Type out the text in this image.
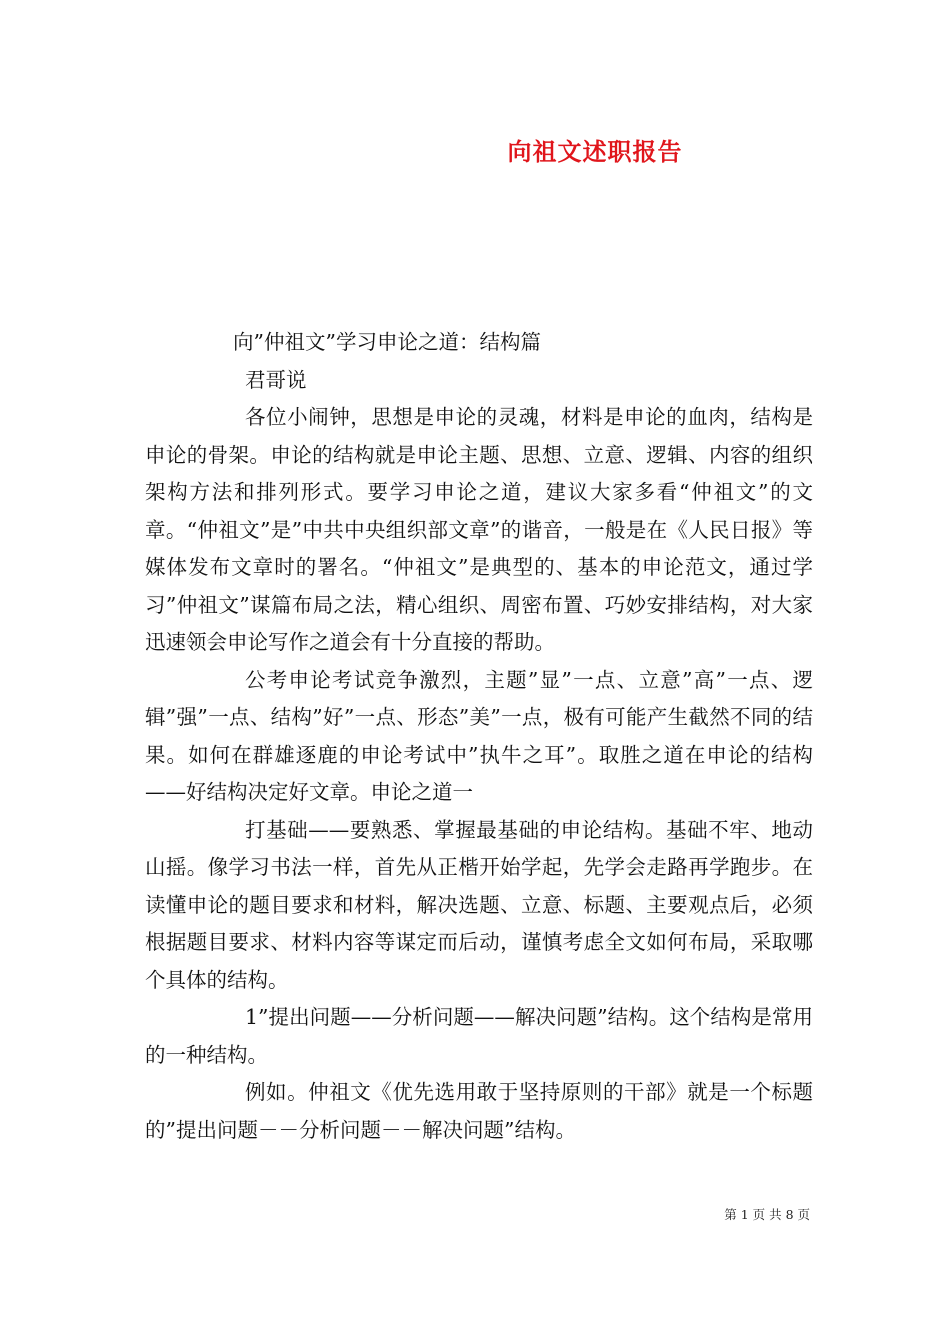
向祖文述职报告

向”仲祖文”学习申论之道：结构篇

君哥说

各位小闹钟，思想是申论的灵魂，材料是申论的血肉，结构是申论的骨架。申论的结构就是申论主题、思想、立意、逻辑、内容的组织架构方法和排列形式。要学习申论之道，建议大家多看“仲祖文”的文章。“仲祖文”是”中共中央组织部文章”的谐音，一般是在《人民日报》等媒体发布文章时的署名。“仲祖文”是典型的、基本的申论范文，通过学习”仲祖文”谋篇布局之法，精心组织、周密布置、巧妙安排结构，对大家迅速领会申论写作之道会有十分直接的帮助。

公考申论考试竞争激烈，主题”显”一点、立意”高”一点、逻辑”强”一点、结构”好”一点、形态”美”一点，极有可能产生截然不同的结果。如何在群雄逐鹿的申论考试中”执牛之耳”。取胜之道在申论的结构——好结构决定好文章。申论之道一

打基础——要熟悉、掌握最基础的申论结构。基础不牢、地动山摇。像学习书法一样，首先从正楷开始学起，先学会走路再学跑步。在读懂申论的题目要求和材料，解决选题、立意、标题、主要观点后，必须根据题目要求、材料内容等谋定而后动，谨慎考虑全文如何布局，采取哪个具体的结构。

1”提出问题——分析问题——解决问题”结构。这个结构是常用的一种结构。

例如。仲祖文《优先选用敢于坚持原则的干部》就是一个标题的”提出问题－－分析问题－－解决问题”结构。

第 1 页 共 8 页
